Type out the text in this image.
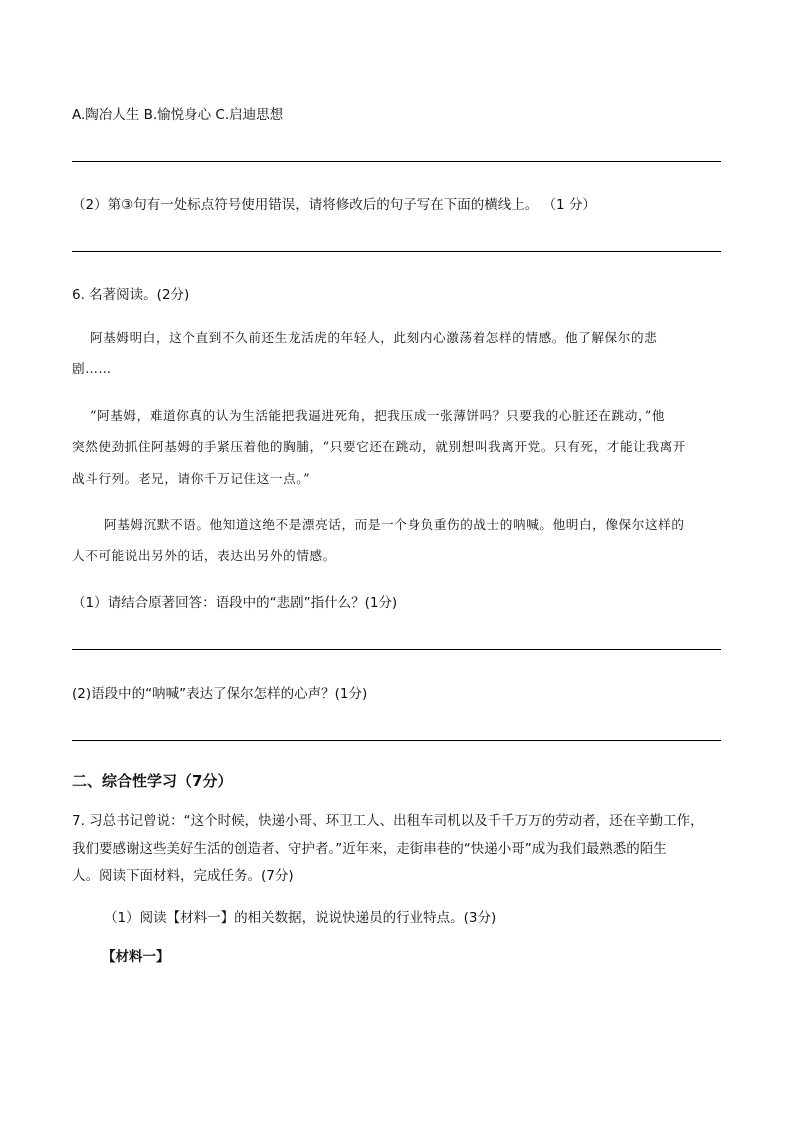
A.陶冶人生 B.愉悦身心 C.启迪思想
（2）第③句有一处标点符号使用错误，请将修改后的句子写在下面的横线上。 （1 分）
6. 名著阅读。(2分)
阿基姆明白，这个直到不久前还生龙活虎的年轻人，此刻内心激荡着怎样的情感。他了解保尔的悲
剧……
“阿基姆，难道你真的认为生活能把我逼进死角，把我压成一张薄饼吗？只要我的心脏还在跳动，”他
突然使劲抓住阿基姆的手紧压着他的胸脯，“只要它还在跳动，就别想叫我离开党。只有死，才能让我离开
战斗行列。老兄，请你千万记住这一点。”
阿基姆沉默不语。他知道这绝不是漂亮话，而是一个身负重伤的战士的呐喊。他明白，像保尔这样的
人不可能说出另外的话，表达出另外的情感。
（1）请结合原著回答：语段中的“悲剧”指什么？(1分)
(2)语段中的“呐喊”表达了保尔怎样的心声？(1分)
二、综合性学习（7分）
7. 习总书记曾说：“这个时候，快递小哥、环卫工人、出租车司机以及千千万万的劳动者，还在辛勤工作，
我们要感谢这些美好生活的创造者、守护者。”近年来，走街串巷的“快递小哥”成为我们最熟悉的陌生
人。阅读下面材料，完成任务。(7分)
（1）阅读【材料一】的相关数据，说说快递员的行业特点。(3分)
【材料一】
